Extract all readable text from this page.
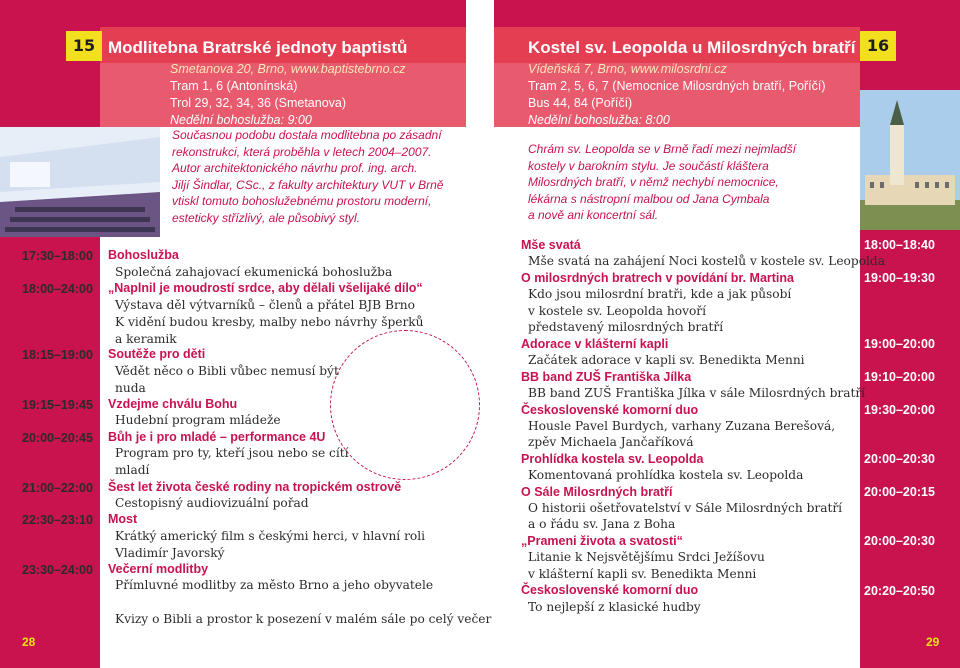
15	16
Modlitebna Bratrské jednoty baptistů	Kostel sv. Leopolda u Milosrdných bratří
Smetanova 20, Brno, www.baptistebrno.cz
Tram 1, 6 (Antonínská)
Trol 29, 32, 34, 36 (Smetanova)
Nedělní bohoslužba: 9:00
Vídeňská 7, Brno, www.milosrdni.cz
Tram 2, 5, 6, 7 (Nemocnice Milosrdných bratří, Poříčí)
Bus 44, 84 (Poříčí)
Nedělní bohoslužba: 8:00
Současnou podobu dostala modlitebna po zásadní
rekonstrukci, která proběhla v letech 2004–2007.
Autor architektonického návrhu prof. ing. arch.
Jiljí Šindlar, CSc., z fakulty architektury VUT v Brně
vtiskl tomuto bohoslužebnému prostoru moderní,
esteticky střízlivý, ale působivý styl.
Chrám sv. Leopolda se v Brně řadí mezi nejmladší
kostely v barokním stylu. Je součástí kláštera
Milosrdných bratří, v němž nechybí nemocnice,
lékárna s nástropní malbou od Jana Cymbala
a nově ani koncertní sál.
17:30–18:00 Bohoslužba
Společná zahajovací ekumenická bohoslužba
18:00–24:00 „Naplnil je moudrostí srdce, aby dělali všelijaké dílo“
Výstava děl výtvarníků – členů a přátel BJB Brno
K vidění budou kresby, malby nebo návrhy šperků
a keramik
18:15–19:00 Soutěže pro děti
Vědět něco o Bibli vůbec nemusí být
nuda
19:15–19:45 Vzdejme chválu Bohu
Hudební program mládeže
20:00–20:45 Bůh je i pro mladé – performance 4U
Program pro ty, kteří jsou nebo se cítí
mladí
21:00–22:00 Šest let života české rodiny na tropickém ostrově
Cestopisný audiovizuální pořad
22:30–23:10 Most
Krátký americký film s českými herci, v hlavní roli
Vladimír Javorský
23:30–24:00 Večerní modlitby
Přímluvné modlitby za město Brno a jeho obyvatele
Kvizy o Bibli a prostor k posezení v malém sále po celý večer
18:00–18:40
Mše svatá
Mše svatá na zahájení Noci kostelů v kostele sv. Leopolda
19:00–19:30
O milosrdných bratrech v povídání br. Martina
Kdo jsou milosrdní bratři, kde a jak působí
v kostele sv. Leopolda hovoří
představený milosrdných bratří
19:00–20:00
Adorace v klášterní kapli
Začátek adorace v kapli sv. Benedikta Menni
19:10–20:00
BB band ZUŠ Františka Jílka
BB band ZUŠ Františka Jílka v sále Milosrdných bratří
19:30–20:00
Československé komorní duo
Housle Pavel Burdych, varhany Zuzana Berešová,
zpěv Michaela Jančaříková
20:00–20:30
Prohlídka kostela sv. Leopolda
Komentovaná prohlídka kostela sv. Leopolda
20:00–20:15
O Sále Milosrdných bratří
O historii ošetřovatelství v Sále Milosrdných bratří
a o řádu sv. Jana z Boha
20:00–20:30
„Prameni života a svatosti“
Litanie k Nejsvětějšímu Srdci Ježíšovu
v klášterní kapli sv. Benedikta Menni
20:20–20:50
Československé komorní duo
To nejlepší z klasické hudby
28	29
